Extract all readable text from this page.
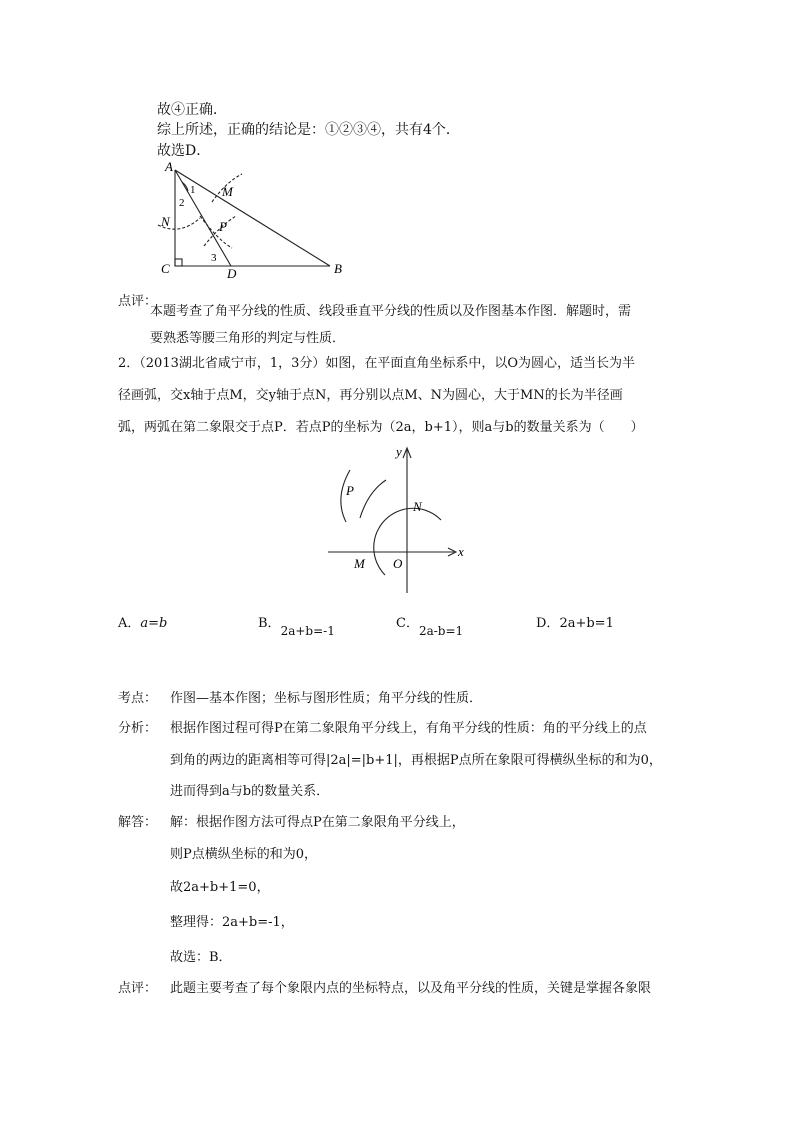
故④正确．
综上所述，正确的结论是：①②③④，共有4个．
故选D．
A
B
C	D
M
N	P
1
2
3
点评：
本题考查了角平分线的性质、线段垂直平分线的性质以及作图基本作图．解题时，需
要熟悉等腰三角形的判定与性质．
2．（2013湖北省咸宁市，1，3分）如图，在平面直角坐标系中，以O为圆心，适当长为半
径画弧，交x轴于点M，交y轴于点N，再分别以点M、N为圆心，大于MN的长为半径画
弧，两弧在第二象限交于点P．若点P的坐标为（2a，b+1），则a与b的数量关系为（　　）
y
x
P
N
M O
A．a=b	B．2a+b=-1	C．2a-b=1	D．2a+b=1
考点： 作图—基本作图；坐标与图形性质；角平分线的性质．
分析： 根据作图过程可得P在第二象限角平分线上，有角平分线的性质：角的平分线上的点
到角的两边的距离相等可得|2a|=|b+1|，再根据P点所在象限可得横纵坐标的和为0，
进而得到a与b的数量关系．
解答： 解：根据作图方法可得点P在第二象限角平分线上，
则P点横纵坐标的和为0，
故2a+b+1=0，
整理得：2a+b=-1，
故选：B．
点评： 此题主要考查了每个象限内点的坐标特点，以及角平分线的性质，关键是掌握各象限
